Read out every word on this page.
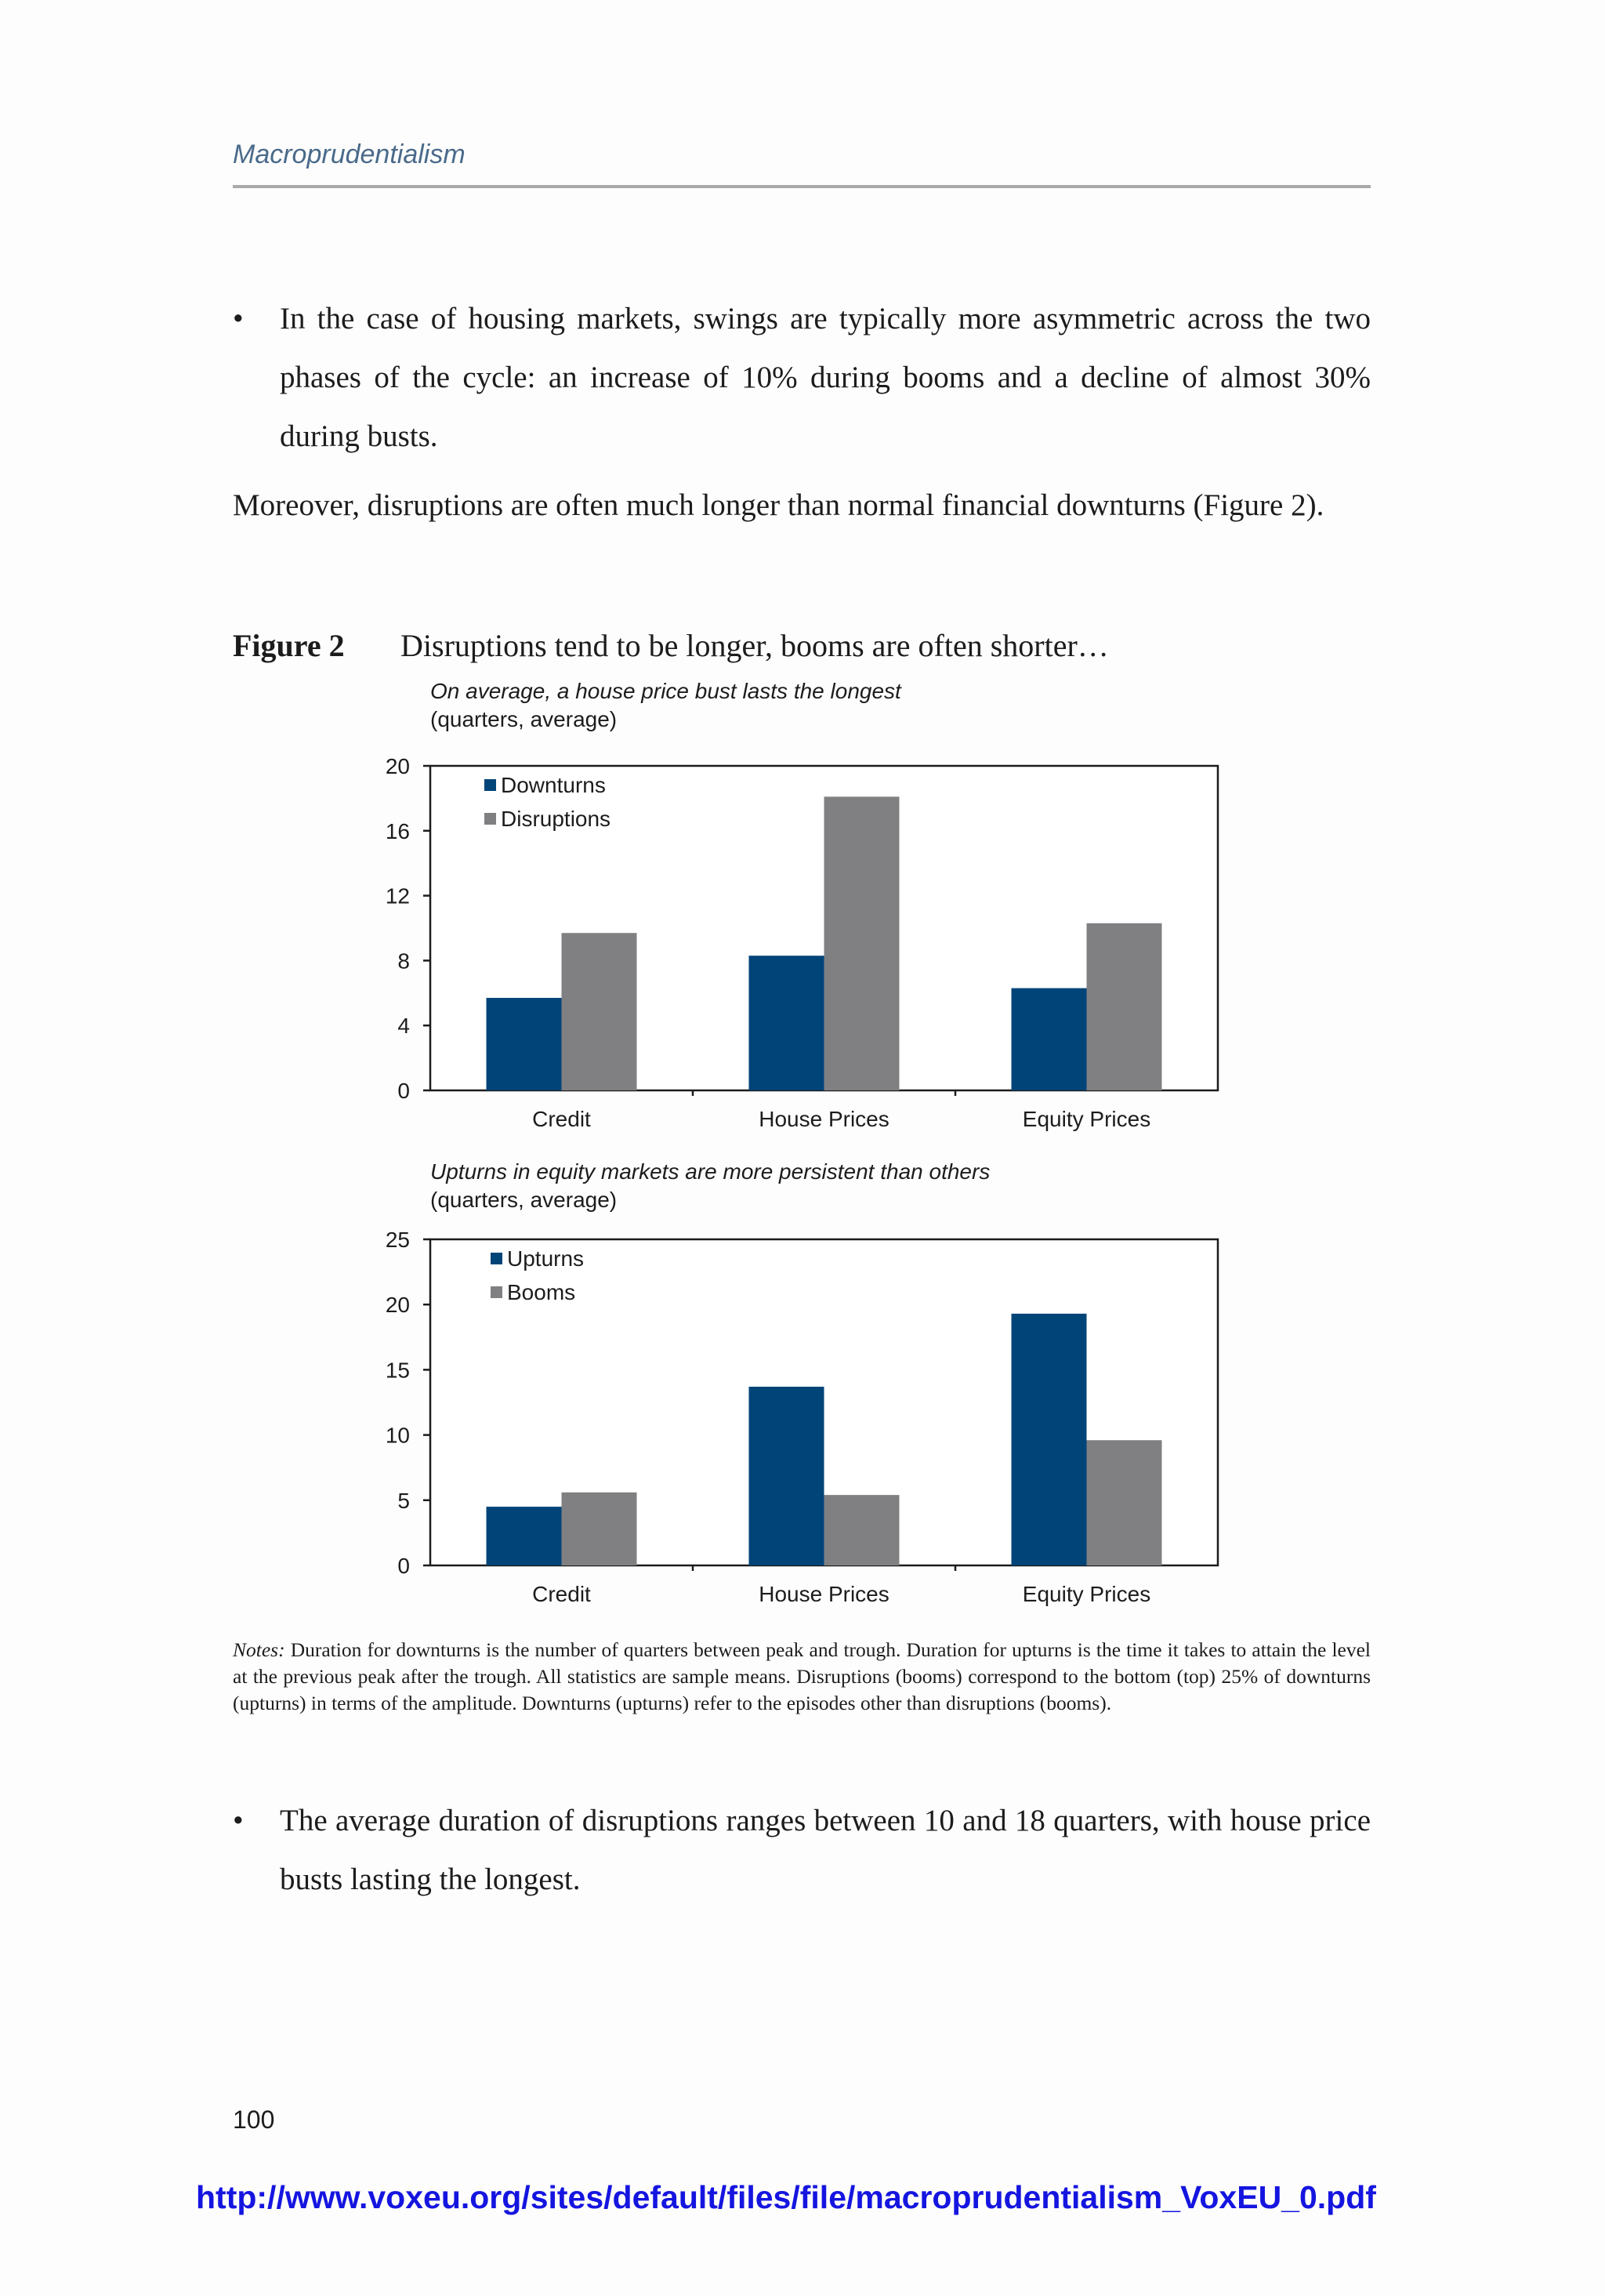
Macroprudentialism
•	In the case of housing markets, swings are typically more asymmetric across the two phases of the cycle: an increase of 10% during booms and a decline of almost 30% during busts.
Moreover, disruptions are often much longer than normal financial downturns (Figure 2).
Figure 2 Disruptions tend to be longer, booms are often shorter…
On average, a house price bust lasts the longest
(quarters, average)
0
4
8
12
16
20
Credit	House Prices	Equity Prices
Downturns
Disruptions
Upturns in equity markets are more persistent than others
(quarters, average)
0
5
10
15
20
25
Credit	House Prices	Equity Prices
Upturns
Booms
Notes: Duration for downturns is the number of quarters between peak and trough. Duration for upturns is the time it takes to attain the level at the previous peak after the trough. All statistics are sample means. Disruptions (booms) correspond to the bottom (top) 25% of downturns (upturns) in terms of the amplitude. Downturns (upturns) refer to the episodes other than disruptions (booms).
•	The average duration of disruptions ranges between 10 and 18 quarters, with house price busts lasting the longest.
100
http://www.voxeu.org/sites/default/files/file/macroprudentialism_VoxEU_0.pdf
